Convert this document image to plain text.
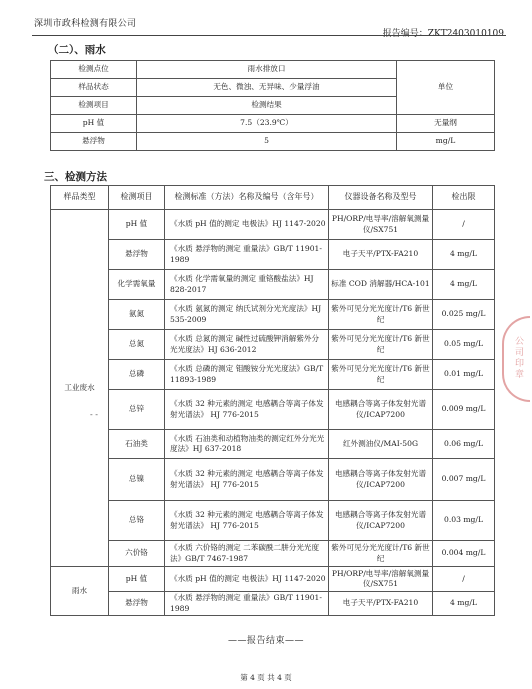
深圳市政科检测有限公司
报告编号：ZKT2403010109
（二）、雨水
检测点位	雨水排放口	单位
样品状态	无色、微浊、无异味、少量浮油	
检测项目	检测结果	
pH 值	7.5（23.9℃）	无量纲
悬浮物	5	mg/L
三、检测方法
样品类型	检测项目	检测标准（方法）名称及编号（含年号）	仪器设备名称及型号	检出限
工业废水	pH 值	《水质 pH 值的测定 电极法》HJ 1147-2020	PH/ORP/电导率/溶解氧测量仪/SX751	/
	悬浮物	《水质 悬浮物的测定 重量法》GB/T 11901-1989	电子天平/PTX-FA210	4 mg/L
	化学需氧量	《水质 化学需氧量的测定 重铬酸盐法》HJ 828-2017	标准 COD 消解器/HCA-101	4 mg/L
	氨氮	《水质 氨氮的测定 纳氏试剂分光光度法》HJ 535-2009	紫外可见分光光度计/T6 新世纪	0.025 mg/L
	总氮	《水质 总氮的测定 碱性过硫酸钾消解紫外分光光度法》HJ 636-2012	紫外可见分光光度计/T6 新世纪	0.05 mg/L
	总磷	《水质 总磷的测定 钼酸铵分光光度法》GB/T 11893-1989	紫外可见分光光度计/T6 新世纪	0.01 mg/L
	总锌	《水质 32 种元素的测定 电感耦合等离子体发射光谱法》 HJ 776-2015	电感耦合等离子体发射光谱仪/ICAP7200	0.009 mg/L
	石油类	《水质 石油类和动植物油类的测定红外分光光度法》HJ 637-2018	红外测油仪/MAI-50G	0.06 mg/L
	总镍	《水质 32 种元素的测定 电感耦合等离子体发射光谱法》 HJ 776-2015	电感耦合等离子体发射光谱仪/ICAP7200	0.007 mg/L
	总铬	《水质 32 种元素的测定 电感耦合等离子体发射光谱法》 HJ 776-2015	电感耦合等离子体发射光谱仪/ICAP7200	0.03 mg/L
	六价铬	《水质 六价铬的测定 二苯碳酰二肼分光光度法》GB/T 7467-1987	紫外可见分光光度计/T6 新世纪	0.004 mg/L
雨水	pH 值	《水质 pH 值的测定 电极法》HJ 1147-2020	PH/ORP/电导率/溶解氧测量仪/SX751	/
	悬浮物	《水质 悬浮物的测定 重量法》GB/T 11901-1989	电子天平/PTX-FA210	4 mg/L
- -
公司印章
——报告结束——
第 4 页 共 4 页
